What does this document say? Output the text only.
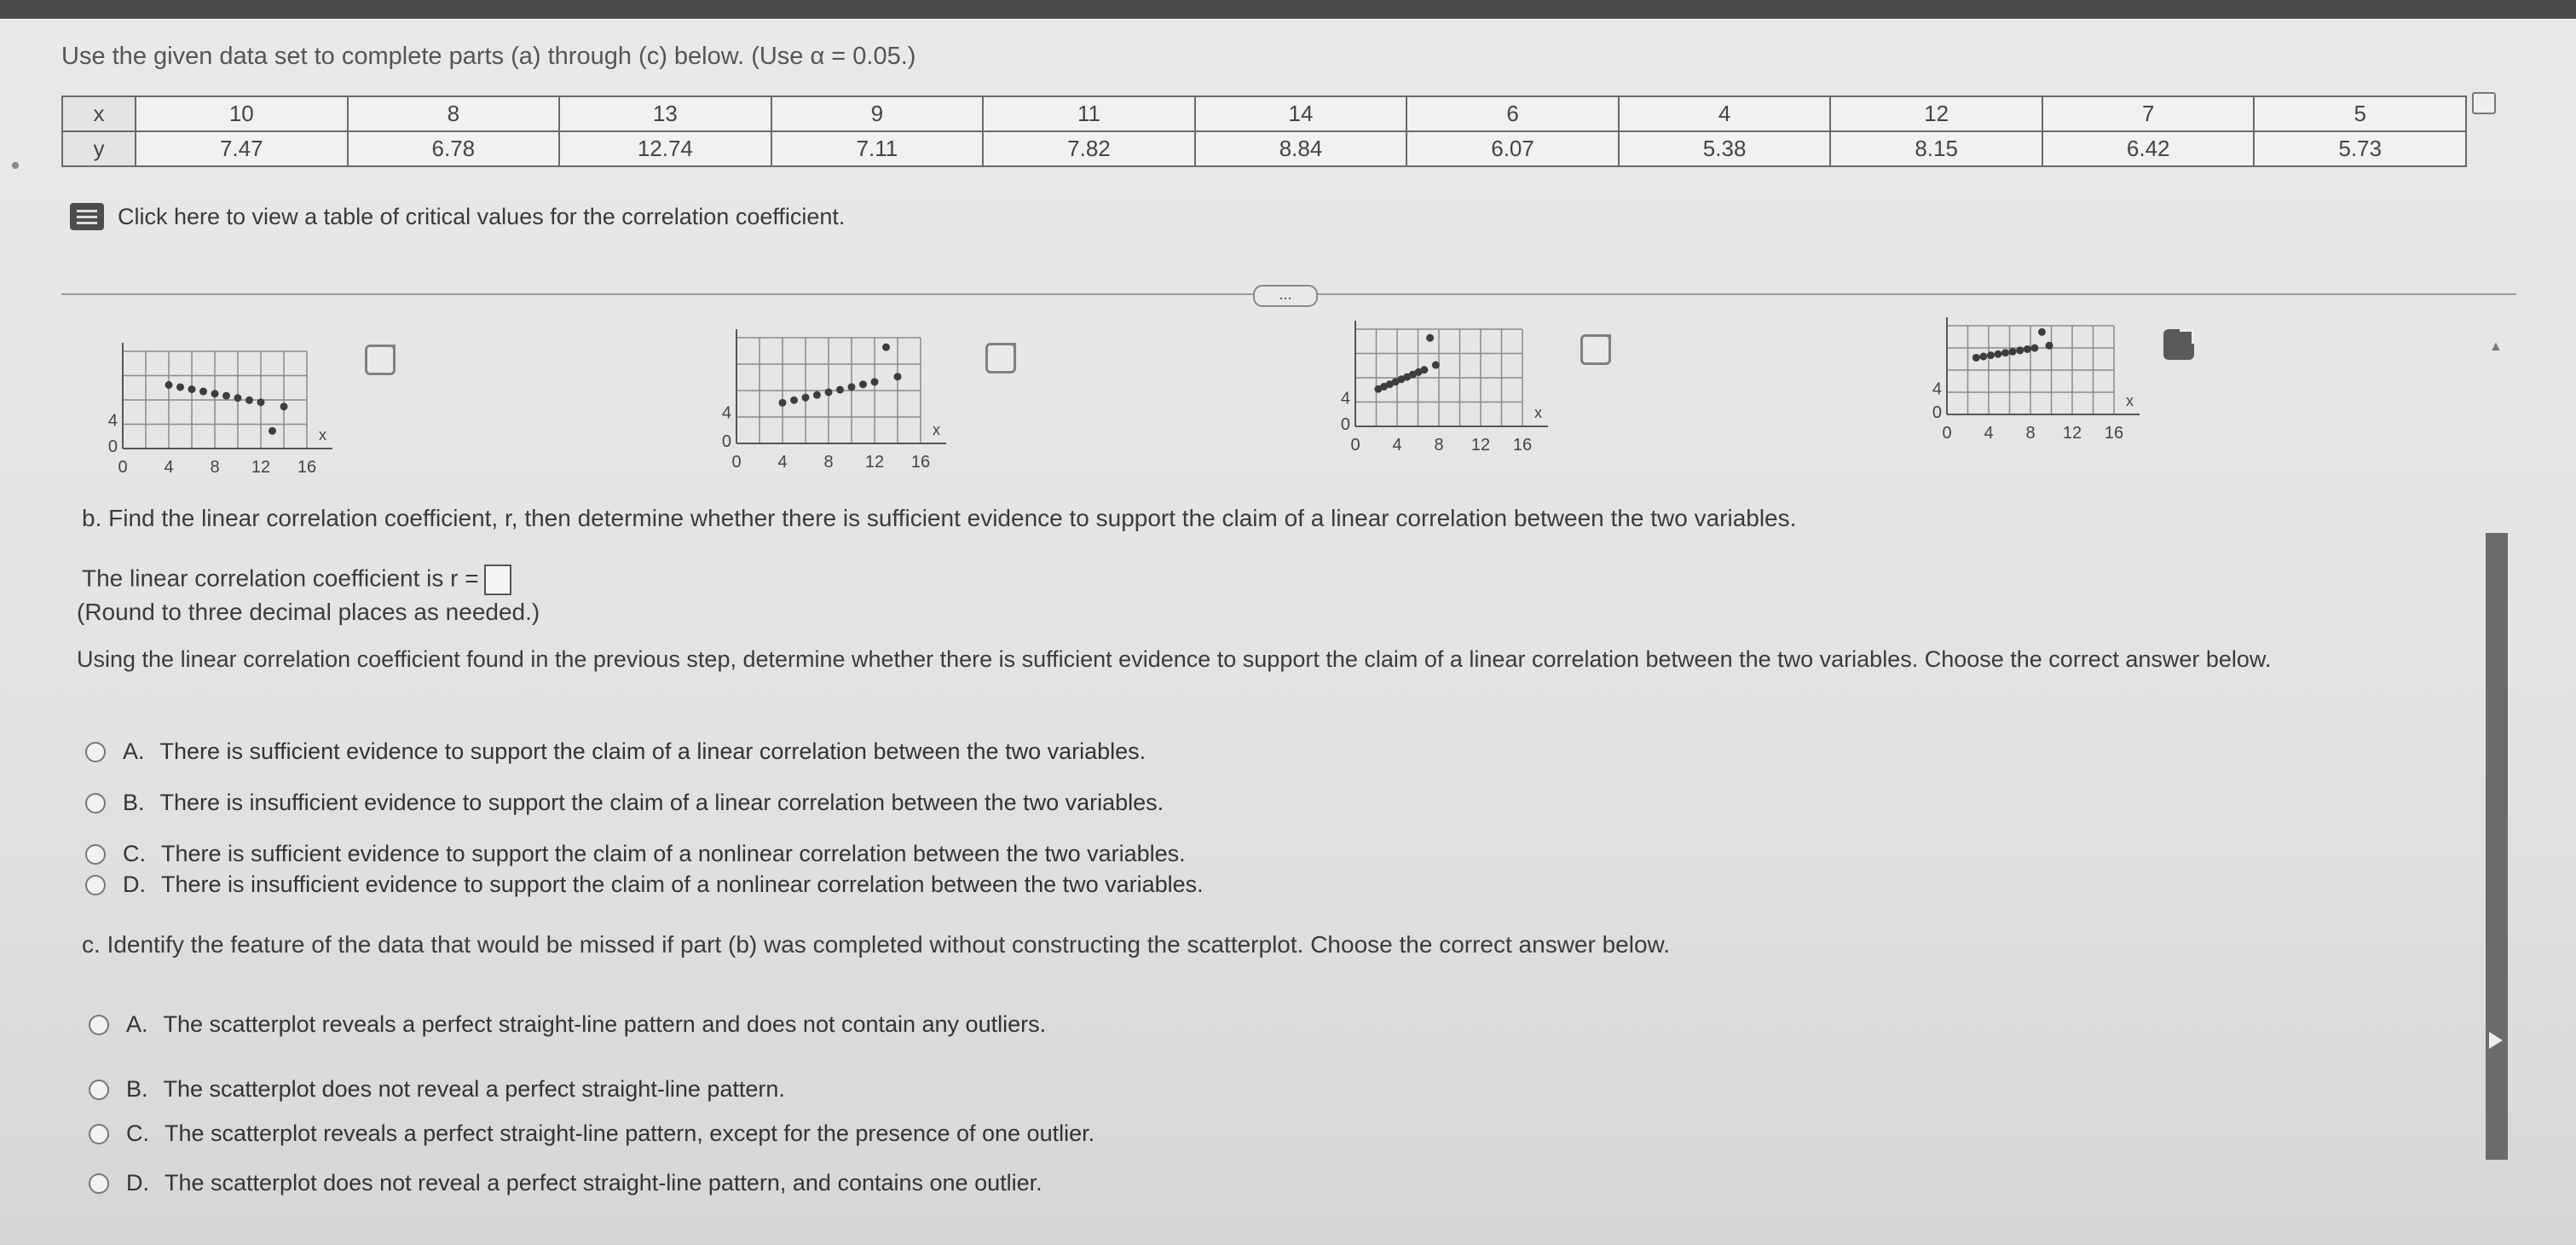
Use the given data set to complete parts (a) through (c) below. (Use α = 0.05.)
x	10	8	13	9	11	14	6	4	12	7	5
y	7.47	6.78	12.74	7.11	7.82	8.84	6.07	5.38	8.15	6.42	5.73
Click here to view a table of critical values for the correlation coefficient.
...
0 4 8 12 16
4
0
x
0 4 8 12 16
4
0
x
0 4 8 12 16
4
0
x
0 4 8 12 16
4
0
x
b. Find the linear correlation coefficient, r, then determine whether there is sufficient evidence to support the claim of a linear correlation between the two variables.
The linear correlation coefficient is r =
(Round to three decimal places as needed.)
Using the linear correlation coefficient found in the previous step, determine whether there is sufficient evidence to support the claim of a linear correlation between the two variables. Choose the correct answer below.
A. There is sufficient evidence to support the claim of a linear correlation between the two variables.
B. There is insufficient evidence to support the claim of a linear correlation between the two variables.
C. There is sufficient evidence to support the claim of a nonlinear correlation between the two variables.
D. There is insufficient evidence to support the claim of a nonlinear correlation between the two variables.
c. Identify the feature of the data that would be missed if part (b) was completed without constructing the scatterplot. Choose the correct answer below.
A. The scatterplot reveals a perfect straight-line pattern and does not contain any outliers.
B. The scatterplot does not reveal a perfect straight-line pattern.
C. The scatterplot reveals a perfect straight-line pattern, except for the presence of one outlier.
D. The scatterplot does not reveal a perfect straight-line pattern, and contains one outlier.
▲
